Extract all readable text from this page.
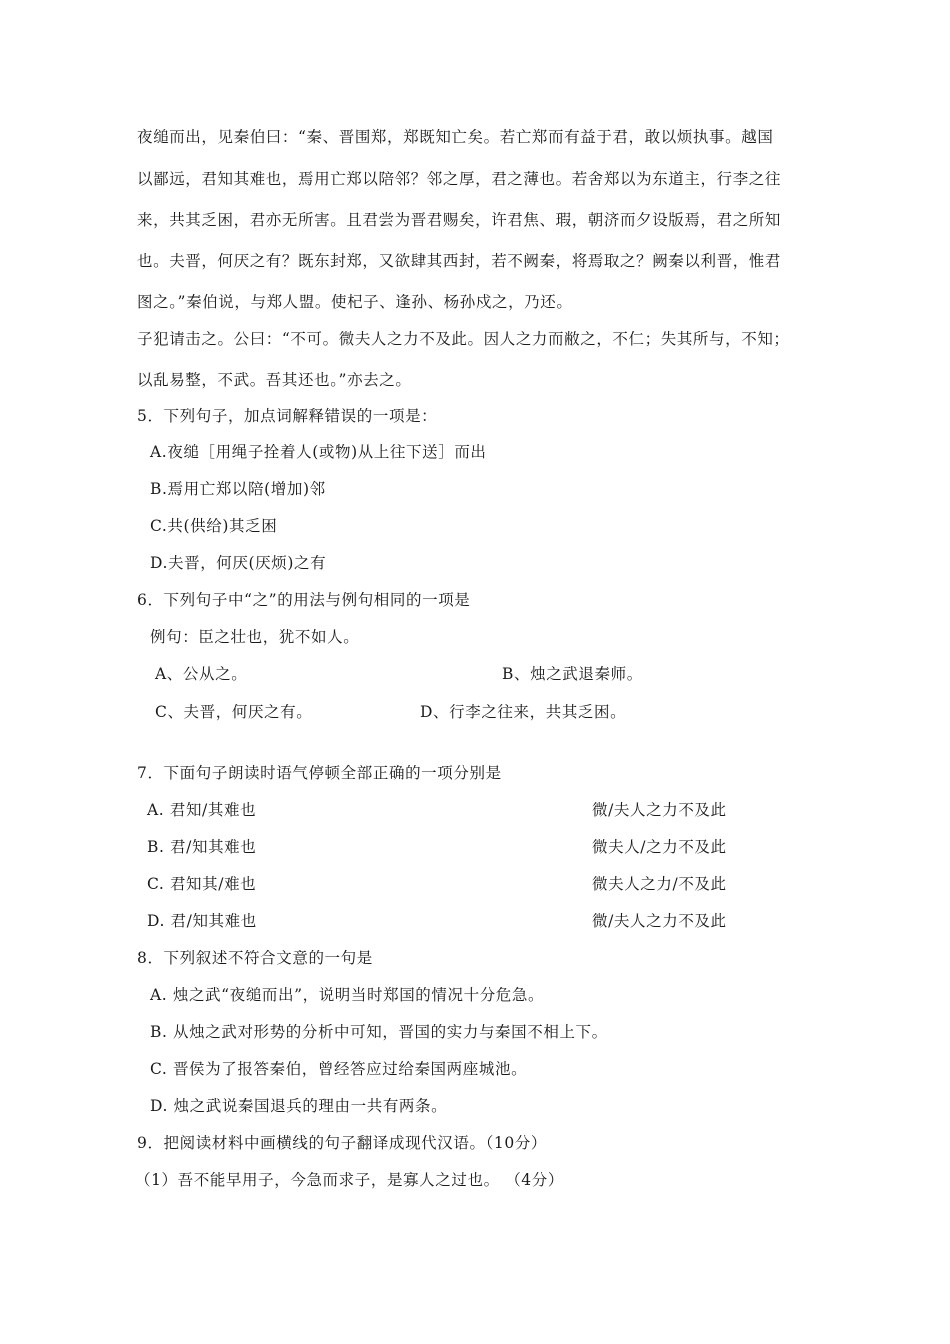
夜缒而出，见秦伯曰：“秦、晋围郑，郑既知亡矣。若亡郑而有益于君，敢以烦执事。越国
以鄙远，君知其难也，焉用亡郑以陪邻？邻之厚，君之薄也。若舍郑以为东道主，行李之往
来，共其乏困，君亦无所害。且君尝为晋君赐矣，许君焦、瑕，朝济而夕设版焉，君之所知
也。夫晋，何厌之有？既东封郑，又欲肆其西封，若不阙秦，将焉取之？阙秦以利晋，惟君
图之。”秦伯说，与郑人盟。使杞子、逢孙、杨孙戍之，乃还。
子犯请击之。公曰：“不可。微夫人之力不及此。因人之力而敝之，不仁；失其所与，不知；
以乱易整，不武。吾其还也。”亦去之。
5．下列句子，加点词解释错误的一项是：
A.夜缒［用绳子拴着人(或物)从上往下送］而出
B.焉用亡郑以陪(增加)邻
C.共(供给)其乏困
D.夫晋，何厌(厌烦)之有
6．下列句子中“之”的用法与例句相同的一项是
例句：臣之壮也，犹不如人。
A、公从之。	B、烛之武退秦师。
C、夫晋，何厌之有。	D、行李之往来，共其乏困。
7．下面句子朗读时语气停顿全部正确的一项分别是
A. 君知/其难也	微/夫人之力不及此
B. 君/知其难也	微夫人/之力不及此
C. 君知其/难也	微夫人之力/不及此
D. 君/知其难也	微/夫人之力不及此
8．下列叙述不符合文意的一句是
A. 烛之武“夜缒而出”，说明当时郑国的情况十分危急。
B. 从烛之武对形势的分析中可知，晋国的实力与秦国不相上下。
C. 晋侯为了报答秦伯，曾经答应过给秦国两座城池。
D. 烛之武说秦国退兵的理由一共有两条。
9．把阅读材料中画横线的句子翻译成现代汉语。（10分）
（1）吾不能早用子，今急而求子，是寡人之过也。 （4分）
